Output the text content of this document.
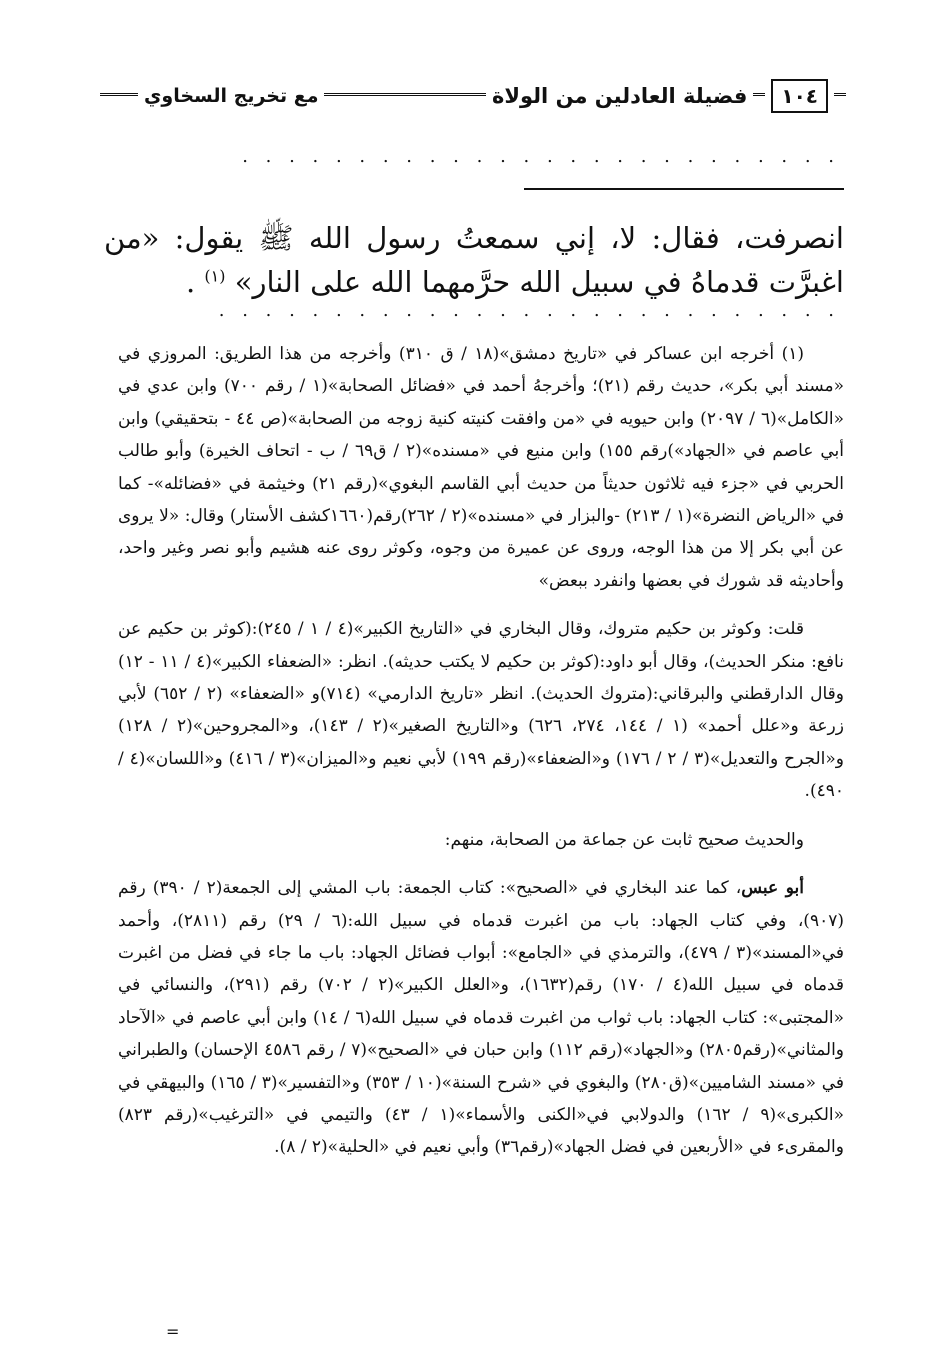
١٠٤
فضيلة العادلين من الولاة
مع تخريج السخاوي
. . . . . . . . . . . . . . . . . . . . . . . . . .
انصرفت، فقال: لا، إني سمعتُ رسول الله ﷺ يقول: «من اغبرَّت قدماهُ في سبيل الله حرَّمهما الله على النار» $^{(١)}$ .
. . . . . . . . . . . . . . . . . . . . . . . . . . .

(١) أخرجه ابن عساكر في «تاريخ دمشق»(١٨ / ق ٣١٠) وأخرجه من هذا الطريق: المروزي في «مسند أبي بكر»، حديث رقم (٢١)؛ وأخرجهُ أحمد في «فضائل الصحابة»(١ / رقم ٧٠٠) وابن عدي في «الكامل»(٦ / ٢٠٩٧) وابن حيويه في «من وافقت كنيته كنية زوجه من الصحابة»(ص ٤٤ - بتحقيقي) وابن أبي عاصم في «الجهاد»)رقم ١٥٥) وابن منيع في «مسنده»(٢ / ق٦٩ / ب - اتحاف الخيرة) وأبو طالب الحربي في «جزء فيه ثلاثون حديثاً من حديث أبي القاسم البغوي»(رقم ٢١) وخيثمة في «فضائله»- كما في «الرياض النضرة»(١ / ٢١٣) -والبزار في «مسنده»(٢ / ٢٦٢)رقم(١٦٦٠كشف الأستار) وقال: «لا يروى عن أبي بكر إلا من هذا الوجه، وروى عن عميرة من وجوه، وكوثر روى عنه هشيم وأبو نصر وغير واحد، وأحاديثه قد شورك في بعضها وانفرد ببعض»

قلت: وكوثر بن حكيم متروك، وقال البخاري في «التاريخ الكبير»(٤ / ١ / ٢٤٥):(كوثر بن حكيم عن نافع: منكر الحديث)، وقال أبو داود:(كوثر بن حكيم لا يكتب حديثه). انظر: «الضعفاء الكبير»(٤ / ١١ - ١٢) وقال الدارقطني والبرقاني:(متروك الحديث). انظر «تاريخ الدارمي» (٧١٤)و «الضعفاء» (٢ / ٦٥٢) لأبي زرعة و«علل أحمد» (١ / ١٤٤، ٢٧٤، ٦٢٦) و«التاريخ الصغير»(٢ / ١٤٣)، و«المجروحين»(٢ / ١٢٨) و«الجرح والتعديل»(٣ / ٢ / ١٧٦) و«الضعفاء»(رقم ١٩٩) لأبي نعيم و«الميزان»(٣ / ٤١٦) و«اللسان»(٤ / ٤٩٠).

والحديث صحيح ثابت عن جماعة من الصحابة، منهم:

أبو عبس، كما عند البخاري في «الصحيح»: كتاب الجمعة: باب المشي إلى الجمعة(٢ / ٣٩٠) رقم (٩٠٧)، وفي كتاب الجهاد: باب من اغبرت قدماه في سبيل الله:(٦ / ٢٩) رقم (٢٨١١)، وأحمد في«المسند»(٣ / ٤٧٩)، والترمذي في «الجامع»: أبواب فضائل الجهاد: باب ما جاء في فضل من اغبرت قدماه في سبيل الله(٤ / ١٧٠) رقم(١٦٣٢)، و«العلل الكبير»(٢ / ٧٠٢) رقم (٢٩١)، والنسائي في «المجتبى»: كتاب الجهاد: باب ثواب من اغبرت قدماه في سبيل الله(٦ / ١٤) وابن أبي عاصم في «الآحاد والمثاني»(رقم٢٨٠٥) و«الجهاد»(رقم ١١٢) وابن حبان في «الصحيح»(٧ / رقم ٤٥٨٦ الإحسان) والطبراني في «مسند الشاميين»(ق٢٨٠) والبغوي في «شرح السنة»(١٠ / ٣٥٣) و«التفسير»(٣ / ١٦٥) والبيهقي في «الكبرى»(٩ / ١٦٢) والدولابي في«الكنى والأسماء»(١ / ٤٣) والتيمي في «الترغيب»(رقم ٨٢٣) والمقرىء في «الأربعين في فضل الجهاد»(رقم٣٦) وأبي نعيم في «الحلية»(٢ / ٨).

=
